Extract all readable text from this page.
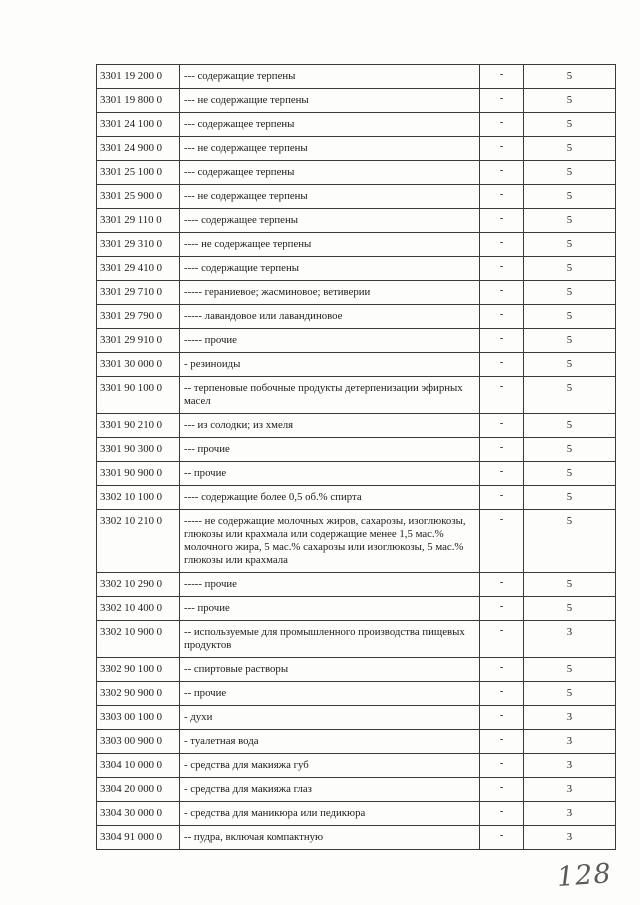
3301 19 200 0	--- содержащие терпены	-	5
3301 19 800 0	--- не содержащие терпены	-	5
3301 24 100 0	--- содержащее терпены	-	5
3301 24 900 0	--- не содержащее терпены	-	5
3301 25 100 0	--- содержащее терпены	-	5
3301 25 900 0	--- не содержащее терпены	-	5
3301 29 110 0	---- содержащее терпены	-	5
3301 29 310 0	---- не содержащее терпены	-	5
3301 29 410 0	---- содержащие терпены	-	5
3301 29 710 0	----- гераниевое; жасминовое; ветиверии	-	5
3301 29 790 0	----- лавандовое или лавандиновое	-	5
3301 29 910 0	----- прочие	-	5
3301 30 000 0	- резиноиды	-	5
3301 90 100 0	-- терпеновые побочные продукты детерпенизации эфирных масел	-	5
3301 90 210 0	--- из солодки; из хмеля	-	5
3301 90 300 0	--- прочие	-	5
3301 90 900 0	-- прочие	-	5
3302 10 100 0	---- содержащие более 0,5 об.% спирта	-	5
3302 10 210 0	----- не содержащие молочных жиров, сахарозы, изоглюкозы, глюкозы или крахмала или содержащие менее 1,5 мас.% молочного жира, 5 мас.% сахарозы или изоглюкозы, 5 мас.% глюкозы или крахмала	-	5
3302 10 290 0	----- прочие	-	5
3302 10 400 0	--- прочие	-	5
3302 10 900 0	-- используемые для промышленного производства пищевых продуктов	-	3
3302 90 100 0	-- спиртовые растворы	-	5
3302 90 900 0	-- прочие	-	5
3303 00 100 0	- духи	-	3
3303 00 900 0	- туалетная вода	-	3
3304 10 000 0	- средства для макияжа губ	-	3
3304 20 000 0	- средства для макияжа глаз	-	3
3304 30 000 0	- средства для маникюра или педикюра	-	3
3304 91 000 0	-- пудра, включая компактную	-	3
128
